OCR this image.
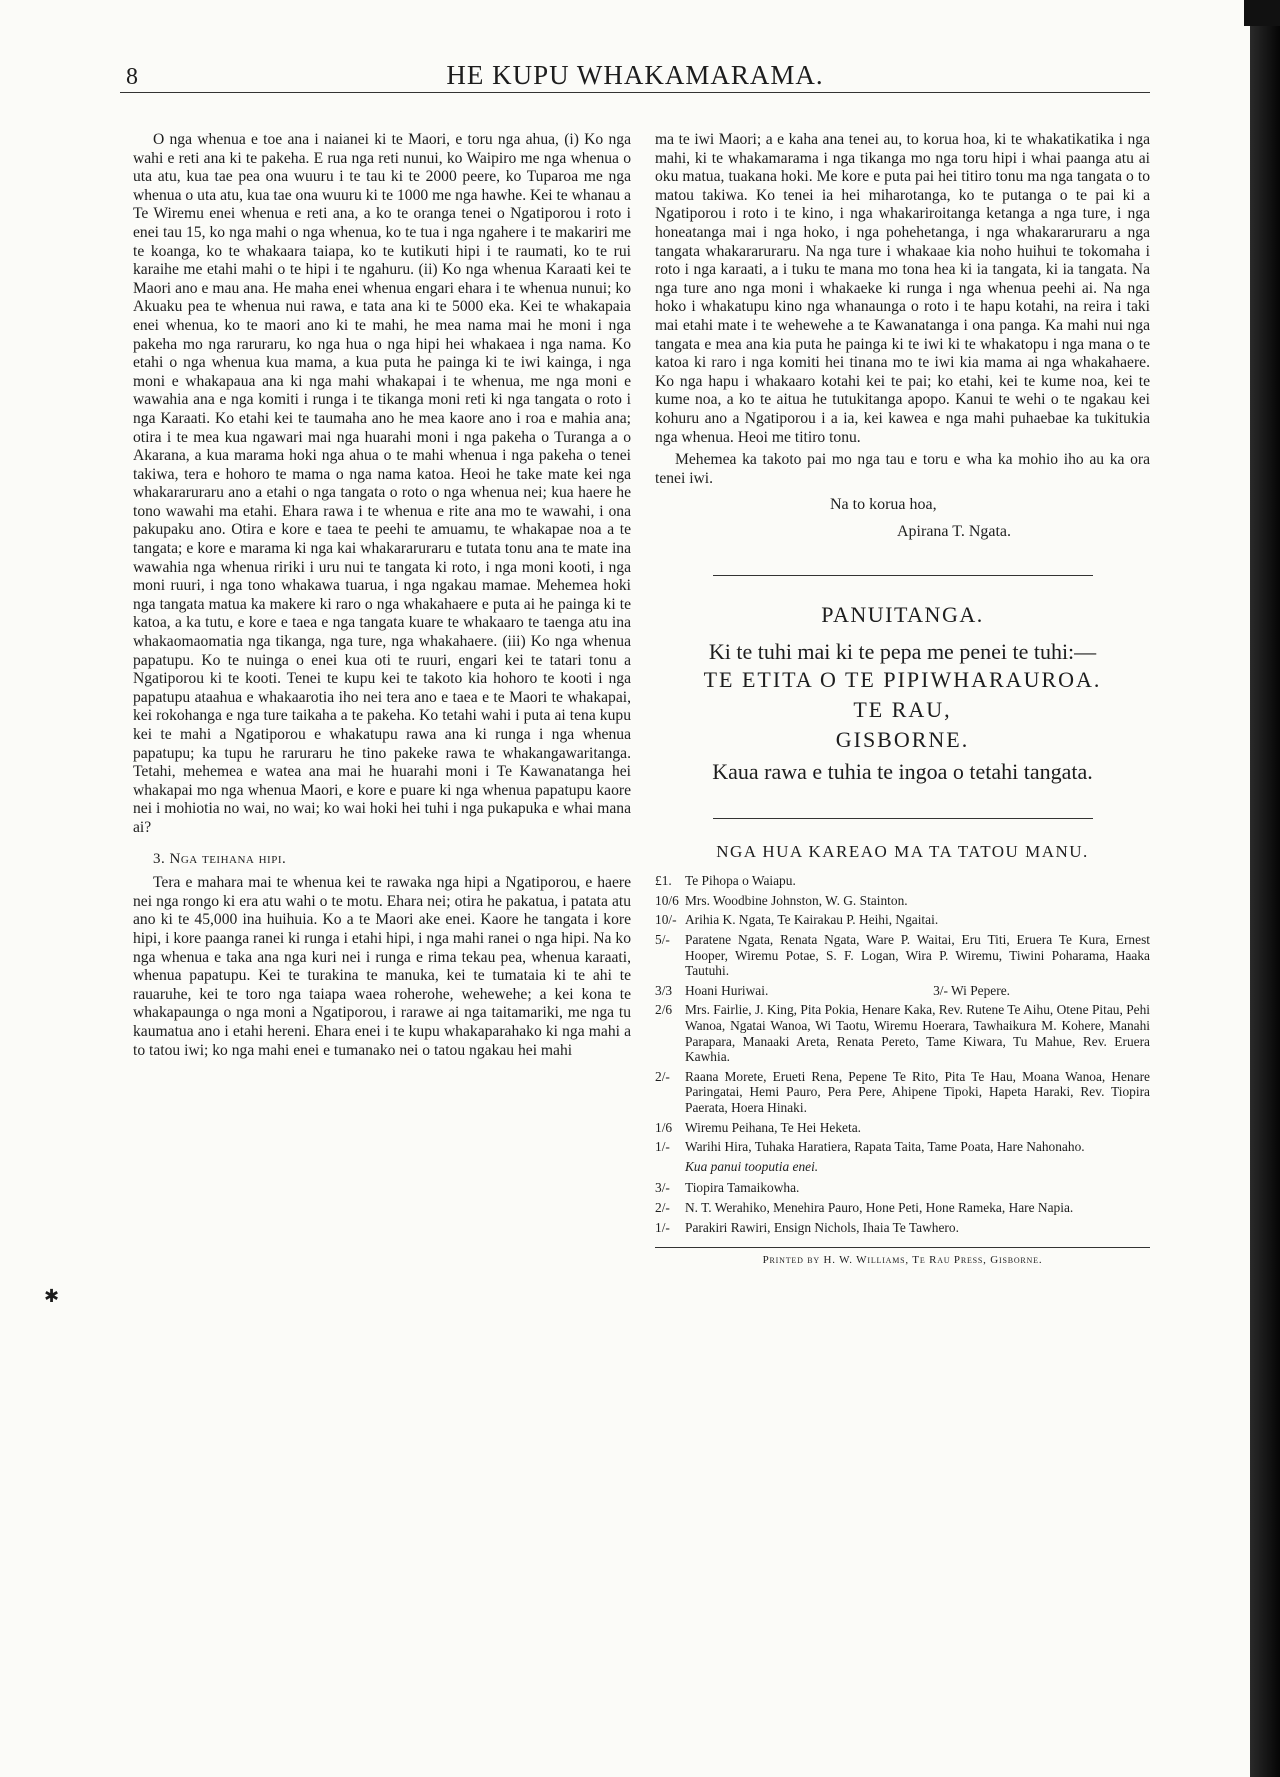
8	HE KUPU WHAKAMARAMA.
✱

O nga whenua e toe ana i naianei ki te Maori, e toru nga ahua, (i) Ko nga wahi e reti ana ki te pakeha. E rua nga reti nunui, ko Waipiro me nga whenua o uta atu, kua tae pea ona wuuru i te tau ki te 2000 peere, ko Tuparoa me nga whenua o uta atu, kua tae ona wuuru ki te 1000 me nga hawhe. Kei te whanau a Te Wiremu enei whenua e reti ana, a ko te oranga tenei o Ngatiporou i roto i enei tau 15, ko nga mahi o nga whenua, ko te tua i nga ngahere i te makariri me te koanga, ko te whakaara taiapa, ko te kutikuti hipi i te raumati, ko te rui karaihe me etahi mahi o te hipi i te ngahuru. (ii) Ko nga whenua Karaati kei te Maori ano e mau ana. He maha enei whenua engari ehara i te whenua nunui; ko Akuaku pea te whenua nui rawa, e tata ana ki te 5000 eka. Kei te whakapaia enei whenua, ko te maori ano ki te mahi, he mea nama mai he moni i nga pakeha mo nga raruraru, ko nga hua o nga hipi hei whakaea i nga nama. Ko etahi o nga whenua kua mama, a kua puta he painga ki te iwi kainga, i nga moni e whakapaua ana ki nga mahi whakapai i te whenua, me nga moni e wawahia ana e nga komiti i runga i te tikanga moni reti ki nga tangata o roto i nga Karaati. Ko etahi kei te taumaha ano he mea kaore ano i roa e mahia ana; otira i te mea kua ngawari mai nga huarahi moni i nga pakeha o Turanga a o Akarana, a kua marama hoki nga ahua o te mahi whenua i nga pakeha o tenei takiwa, tera e hohoro te mama o nga nama katoa. Heoi he take mate kei nga whakararuraru ano a etahi o nga tangata o roto o nga whenua nei; kua haere he tono wawahi ma etahi. Ehara rawa i te whenua e rite ana mo te wawahi, i ona pakupaku ano. Otira e kore e taea te peehi te amuamu, te whakapae noa a te tangata; e kore e marama ki nga kai whakararuraru e tutata tonu ana te mate ina wawahia nga whenua ririki i uru nui te tangata ki roto, i nga moni kooti, i nga moni ruuri, i nga tono whakawa tuarua, i nga ngakau mamae. Mehemea hoki nga tangata matua ka makere ki raro o nga whakahaere e puta ai he painga ki te katoa, a ka tutu, e kore e taea e nga tangata kuare te whakaaro te taenga atu ina whakaomaomatia nga tikanga, nga ture, nga whakahaere. (iii) Ko nga whenua papatupu. Ko te nuinga o enei kua oti te ruuri, engari kei te tatari tonu a Ngatiporou ki te kooti. Tenei te kupu kei te takoto kia hohoro te kooti i nga papatupu ataahua e whakaarotia iho nei tera ano e taea e te Maori te whakapai, kei rokohanga e nga ture taikaha a te pakeha. Ko tetahi wahi i puta ai tena kupu kei te mahi a Ngatiporou e whakatupu rawa ana ki runga i nga whenua papatupu; ka tupu he raruraru he tino pakeke rawa te whakangawaritanga. Tetahi, mehemea e watea ana mai he huarahi moni i Te Kawanatanga hei whakapai mo nga whenua Maori, e kore e puare ki nga whenua papatupu kaore nei i mohiotia no wai, no wai; ko wai hoki hei tuhi i nga pukapuka e whai mana ai?

3. Nga teihana hipi.

Tera e mahara mai te whenua kei te rawaka nga hipi a Ngatiporou, e haere nei nga rongo ki era atu wahi o te motu. Ehara nei; otira he pakatua, i patata atu ano ki te 45,000 ina huihuia. Ko a te Maori ake enei. Kaore he tangata i kore hipi, i kore paanga ranei ki runga i etahi hipi, i nga mahi ranei o nga hipi. Na ko nga whenua e taka ana nga kuri nei i runga e rima tekau pea, whenua karaati, whenua papatupu. Kei te turakina te manuka, kei te tumataia ki te ahi te rauaruhe, kei te toro nga taiapa waea roherohe, wehewehe; a kei kona te whakapaunga o nga moni a Ngatiporou, i rarawe ai nga taitamariki, me nga tu kaumatua ano i etahi hereni. Ehara enei i te kupu whakaparahako ki nga mahi a to tatou iwi; ko nga mahi enei e tumanako nei o tatou ngakau hei mahi

ma te iwi Maori; a e kaha ana tenei au, to korua hoa, ki te whakatikatika i nga mahi, ki te whakamarama i nga tikanga mo nga toru hipi i whai paanga atu ai oku matua, tuakana hoki. Me kore e puta pai hei titiro tonu ma nga tangata o to matou takiwa. Ko tenei ia hei miharotanga, ko te putanga o te pai ki a Ngatiporou i roto i te kino, i nga whakariroitanga ketanga a nga ture, i nga honeatanga mai i nga hoko, i nga pohehetanga, i nga whakararuraru a nga tangata whakararuraru. Na nga ture i whakaae kia noho huihui te tokomaha i roto i nga karaati, a i tuku te mana mo tona hea ki ia tangata, ki ia tangata. Na nga ture ano nga moni i whakaeke ki runga i nga whenua peehi ai. Na nga hoko i whakatupu kino nga whanaunga o roto i te hapu kotahi, na reira i taki mai etahi mate i te wehewehe a te Kawanatanga i ona panga. Ka mahi nui nga tangata e mea ana kia puta he painga ki te iwi ki te whakatopu i nga mana o te katoa ki raro i nga komiti hei tinana mo te iwi kia mama ai nga whakahaere. Ko nga hapu i whakaaro kotahi kei te pai; ko etahi, kei te kume noa, kei te kume noa, a ko te aitua he tutukitanga apopo. Kanui te wehi o te ngakau kei kohuru ano a Ngatiporou i a ia, kei kawea e nga mahi puhaebae ka tukitukia nga whenua. Heoi me titiro tonu.

Mehemea ka takoto pai mo nga tau e toru e wha ka mohio iho au ka ora tenei iwi.

Na to korua hoa,

Apirana T. Ngata.

PANUITANGA.
Ki te tuhi mai ki te pepa me penei te tuhi:—
TE ETITA O TE PIPIWHARAUROA.
TE RAU,
GISBORNE.
Kaua rawa e tuhia te ingoa o tetahi tangata.
NGA HUA KAREAO MA TA TATOU MANU.
£1. Te Pihopa o Waiapu.
10/6 Mrs. Woodbine Johnston, W. G. Stainton.
10/- Arihia K. Ngata, Te Kairakau P. Heihi, Ngaitai.
5/-	Paratene Ngata, Renata Ngata, Ware P. Waitai, Eru Titi, Eruera Te Kura, Ernest Hooper, Wiremu Potae, S. F. Logan, Wira P. Wiremu, Tiwini Poharama, Haaka Tautuhi.
3/3 Hoani Huriwai.	3/- Wi Pepere.
2/6 Mrs. Fairlie, J. King, Pita Pokia, Henare Kaka, Rev. Rutene Te Aihu, Otene Pitau, Pehi Wanoa, Ngatai Wanoa, Wi Taotu, Wiremu Hoerara, Tawhaikura M. Kohere, Manahi Parapara, Manaaki Areta, Renata Pereto, Tame Kiwara, Tu Mahue, Rev. Eruera Kawhia.
2/-	Raana Morete, Erueti Rena, Pepene Te Rito, Pita Te Hau, Moana Wanoa, Henare Paringatai, Hemi Pauro, Pera Pere, Ahipene Tipoki, Hapeta Haraki, Rev. Tiopira Paerata, Hoera Hinaki.
1/6 Wiremu Peihana, Te Hei Heketa.
1/-	Warihi Hira, Tuhaka Haratiera, Rapata Taita, Tame Poata, Hare Nahonaho.
Kua panui tooputia enei.
3/-	Tiopira Tamaikowha.
2/-	N. T. Werahiko, Menehira Pauro, Hone Peti, Hone Rameka, Hare Napia.
1/-	Parakiri Rawiri, Ensign Nichols, Ihaia Te Tawhero.
Printed by H. W. Williams, Te Rau Press, Gisborne.
